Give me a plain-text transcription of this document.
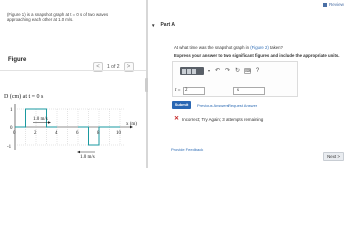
(Figure 1) is a snapshot graph at t = 0 s of two waves approaching each other at 1.0 m/s.
Figure
<	1 of 2	>
D (cm) at t = 0 s
1
0
-1
1.0 m/s
1.0 m/s
0	2	4	6	8	10
x (m)
Review
▼ Part A
At what time was the snapshot graph in (Figure 2) taken?
Express your answer to two significant figures and include the appropriate units.
▾ ↶ ↷ ↻ ⌨ ?
t = 2	s
Submit	Previous Answers Request Answer
✕ Incorrect; Try Again; 3 attempts remaining
Provide Feedback
Next >
